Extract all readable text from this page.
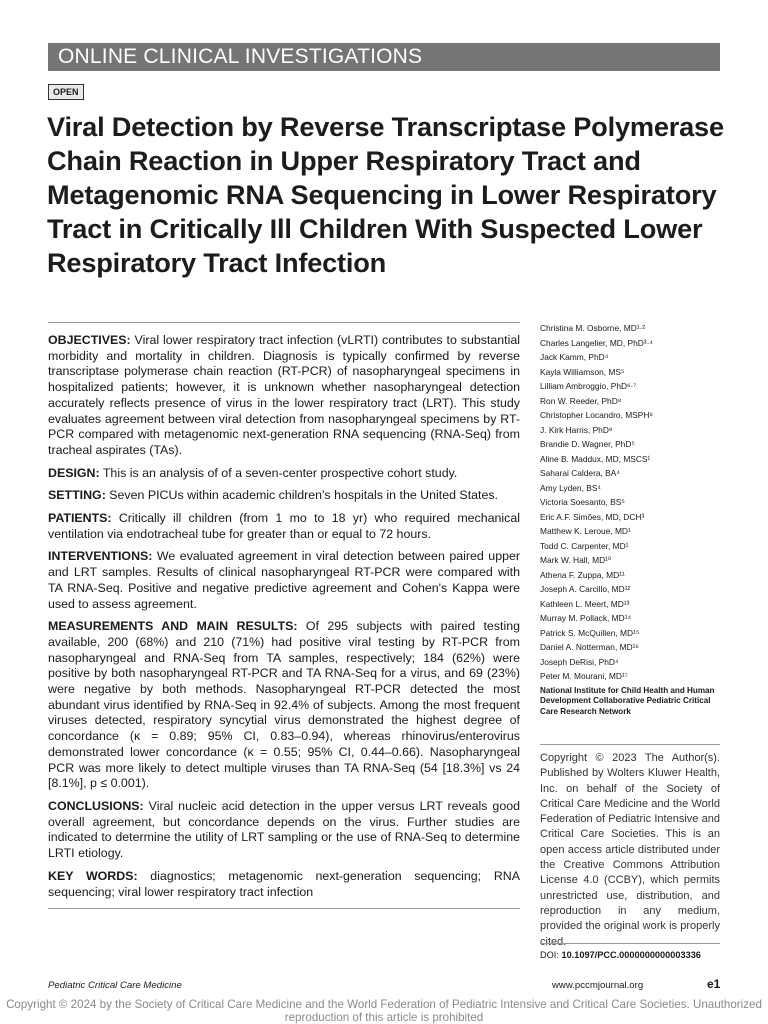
ONLINE CLINICAL INVESTIGATIONS
OPEN
Viral Detection by Reverse Transcriptase Polymerase Chain Reaction in Upper Respiratory Tract and Metagenomic RNA Sequencing in Lower Respiratory Tract in Critically Ill Children With Suspected Lower Respiratory Tract Infection

OBJECTIVES: Viral lower respiratory tract infection (vLRTI) contributes to substantial morbidity and mortality in children. Diagnosis is typically confirmed by reverse transcriptase polymerase chain reaction (RT-PCR) of nasopharyngeal specimens in hospitalized patients; however, it is unknown whether nasopharyngeal detection accurately reflects presence of virus in the lower respiratory tract (LRT). This study evaluates agreement between viral detection from nasopharyngeal specimens by RT-PCR compared with metagenomic next-generation RNA sequencing (RNA-Seq) from tracheal aspirates (TAs).

DESIGN: This is an analysis of of a seven-center prospective cohort study.

SETTING: Seven PICUs within academic children's hospitals in the United States.

PATIENTS: Critically ill children (from 1 mo to 18 yr) who required mechanical ventilation via endotracheal tube for greater than or equal to 72 hours.

INTERVENTIONS: We evaluated agreement in viral detection between paired upper and LRT samples. Results of clinical nasopharyngeal RT-PCR were compared with TA RNA-Seq. Positive and negative predictive agreement and Cohen's Kappa were used to assess agreement.

MEASUREMENTS AND MAIN RESULTS: Of 295 subjects with paired testing available, 200 (68%) and 210 (71%) had positive viral testing by RT-PCR from nasopharyngeal and RNA-Seq from TA samples, respectively; 184 (62%) were positive by both nasopharyngeal RT-PCR and TA RNA-Seq for a virus, and 69 (23%) were negative by both methods. Nasopharyngeal RT-PCR detected the most abundant virus identified by RNA-Seq in 92.4% of subjects. Among the most frequent viruses detected, respiratory syncytial virus demonstrated the highest degree of concordance (κ = 0.89; 95% CI, 0.83–0.94), whereas rhinovirus/enterovirus demonstrated lower concordance (κ = 0.55; 95% CI, 0.44–0.66). Nasopharyngeal PCR was more likely to detect multiple viruses than TA RNA-Seq (54 [18.3%] vs 24 [8.1%], p ≤ 0.001).

CONCLUSIONS: Viral nucleic acid detection in the upper versus LRT reveals good overall agreement, but concordance depends on the virus. Further studies are indicated to determine the utility of LRT sampling or the use of RNA-Seq to determine LRTI etiology.

KEY WORDS: diagnostics; metagenomic next-generation sequencing; RNA sequencing; viral lower respiratory tract infection

Christina M. Osborne, MD¹·²
Charles Langelier, MD, PhD³·⁴
Jack Kamm, PhD⁴
Kayla Williamson, MS⁵
Lilliam Ambroggio, PhD⁶·⁷
Ron W. Reeder, PhD⁸
Christopher Locandro, MSPH⁸
J. Kirk Harris, PhD⁹
Brandie D. Wagner, PhD⁵
Aline B. Maddux, MD, MSCS¹
Saharai Caldera, BA⁴
Amy Lyden, BS⁴
Victoria Soesanto, BS⁵
Eric A.F. Simões, MD, DCH³
Matthew K. Leroue, MD¹
Todd C. Carpenter, MD¹
Mark W. Hall, MD¹⁰
Athena F. Zuppa, MD¹¹
Joseph A. Carcillo, MD¹²
Kathleen L. Meert, MD¹³
Murray M. Pollack, MD¹⁴
Patrick S. McQuillen, MD¹⁵
Daniel A. Notterman, MD¹⁶
Joseph DeRisi, PhD⁴
Peter M. Mourani, MD¹⁷
National Institute for Child Health and Human Development Collaborative Pediatric Critical Care Research Network
Copyright © 2023 The Author(s). Published by Wolters Kluwer Health, Inc. on behalf of the Society of Critical Care Medicine and the World Federation of Pediatric Intensive and Critical Care Societies. This is an open access article distributed under the Creative Commons Attribution License 4.0 (CCBY), which permits unrestricted use, distribution, and reproduction in any medium, provided the original work is properly cited.
DOI: 10.1097/PCC.0000000000003336
Pediatric Critical Care Medicine	www.pccmjournal.org	e1
Copyright © 2024 by the Society of Critical Care Medicine and the World Federation of Pediatric Intensive and Critical Care Societies. Unauthorized reproduction of this article is prohibited
